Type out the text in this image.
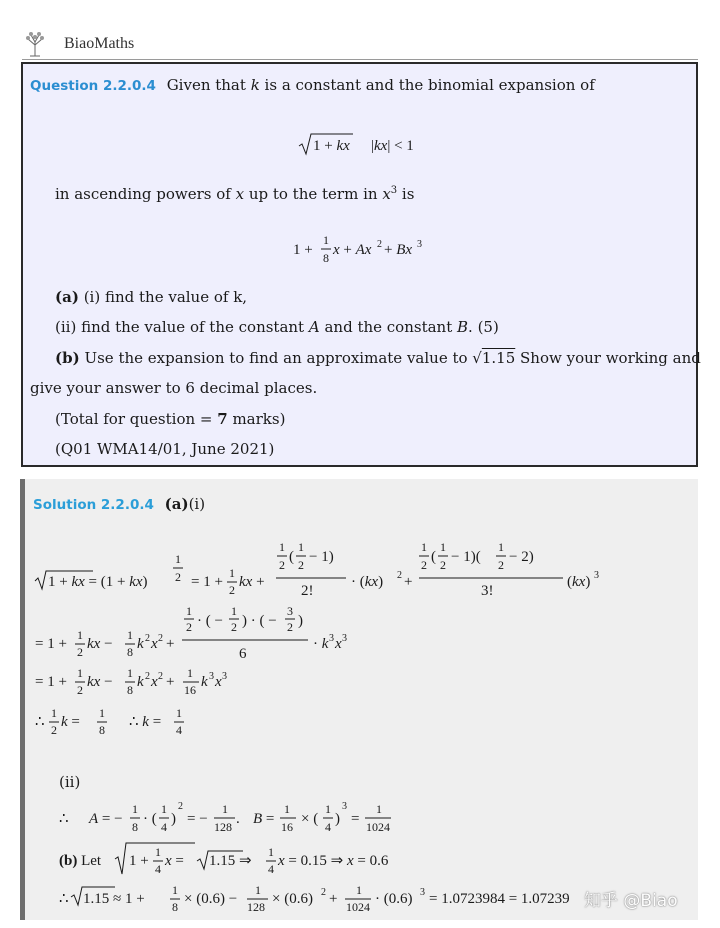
BiaoMaths
Question 2.2.0.4 Given that k is a constant and the binomial expansion of
1 + kx |kx| < 1
in ascending powers of x up to the term in $x^3$ is
1 +
1
8 x + Ax 2 + Bx 3
(a) (i) find the value of k,
(ii) find the value of the constant A and the constant B. (5)
(b) Use the expansion to find an approximate value to √1.15 Show your working and
give your answer to 6 decimal places.
(Total for question = 7 marks)
(Q01 WMA14/01, June 2021)
Solution 2.2.0.4 (a)(i)
1 + kx = (1 + kx)
1
2 = 1 +
1
2 kx +
1
2 (
1
2 − 1)
2!
· (kx) 2 +
1
2 (
1
2 − 1)(
1
2 − 2)
3!
(kx) 3
= 1 +
1
2 kx −
1
8 k 2 x 2 +
1
2 · ( −
1
2 ) · ( −
3
2 )
6
· k 3 x 3
= 1 +
1
2 kx −
1
8 k 2 x 2 +
1
16 k 3 x 3
∴
1
2 k =
1
8 ∴ k =
1
4
(ii)
∴ A = −
1
8 · (
1
4 )
2
= −
1
128 . B =
1
16 × (
1
4 )
3
=
1
1024
(b) Let 1 +
1
4 x = 1.15 ⇒
1
4 x = 0.15 ⇒ x = 0.6
∴ 1.15 ≈ 1 +
1
8 × (0.6) −
1
128 × (0.6) 2 +
1
1024 · (0.6) 3 = 1.0723984 = 1.07239 知乎 @Biao
